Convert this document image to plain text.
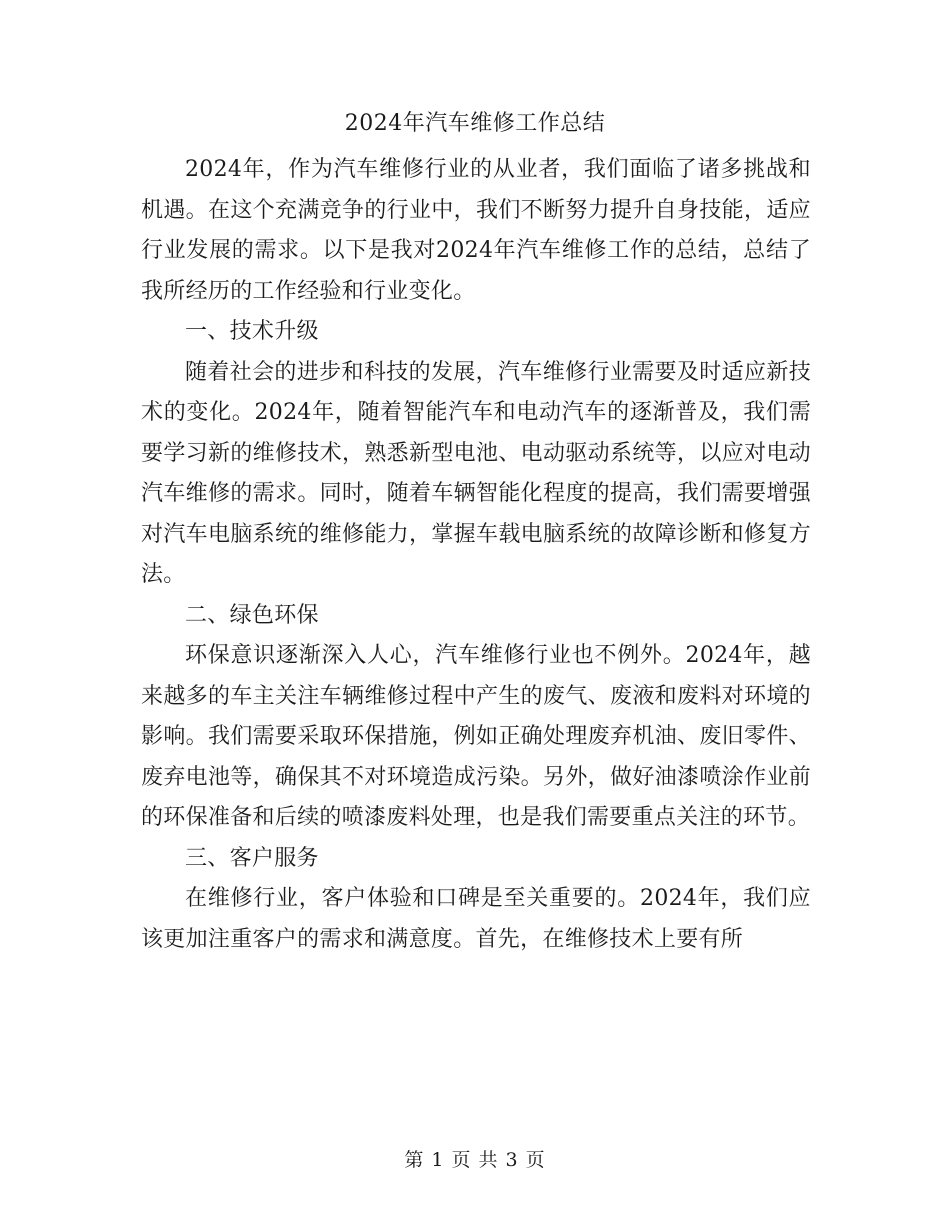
2024年汽车维修工作总结

2024年，作为汽车维修行业的从业者，我们面临了诸多挑战和机遇。在这个充满竞争的行业中，我们不断努力提升自身技能，适应行业发展的需求。以下是我对2024年汽车维修工作的总结，总结了我所经历的工作经验和行业变化。

一、技术升级

随着社会的进步和科技的发展，汽车维修行业需要及时适应新技术的变化。2024年，随着智能汽车和电动汽车的逐渐普及，我们需要学习新的维修技术，熟悉新型电池、电动驱动系统等，以应对电动汽车维修的需求。同时，随着车辆智能化程度的提高，我们需要增强对汽车电脑系统的维修能力，掌握车载电脑系统的故障诊断和修复方法。

二、绿色环保

环保意识逐渐深入人心，汽车维修行业也不例外。2024年，越来越多的车主关注车辆维修过程中产生的废气、废液和废料对环境的影响。我们需要采取环保措施，例如正确处理废弃机油、废旧零件、废弃电池等，确保其不对环境造成污染。另外，做好油漆喷涂作业前的环保准备和后续的喷漆废料处理，也是我们需要重点关注的环节。

三、客户服务

在维修行业，客户体验和口碑是至关重要的。2024年，我们应该更加注重客户的需求和满意度。首先，在维修技术上要有所

第 1 页 共 3 页
